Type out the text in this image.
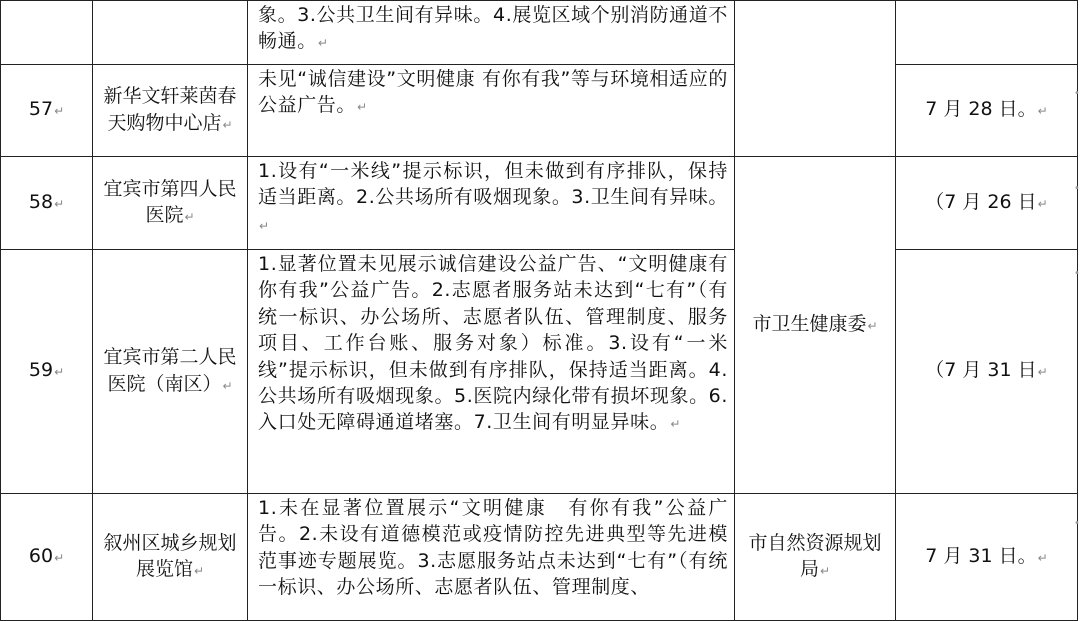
		象。3.公共卫生间有异味。4.展览区域个别消防通道不畅通。↵		
57↵	新华文轩莱茵春天购物中心店↵	未见“诚信建设”文明健康 有你有我”等与环境相适应的公益广告。↵		7 月 28 日。↵
58↵	宜宾市第四人民医院↵	1.设有“一米线”提示标识，但未做到有序排队，保持适当距离。2.公共场所有吸烟现象。3.卫生间有异味。↵	市卫生健康委↵	（7 月 26 日↵
59↵	宜宾市第二人民医院（南区）↵	1.显著位置未见展示诚信建设公益广告、“文明健康有你有我”公益广告。2.志愿者服务站未达到“七有”（有统一标识、办公场所、志愿者队伍、管理制度、服务项目、工作台账、服务对象）标准。3.设有“一米线”提示标识，但未做到有序排队，保持适当距离。4.公共场所有吸烟现象。5.医院内绿化带有损坏现象。6.入口处无障碍通道堵塞。7.卫生间有明显异味。↵		（7 月 31 日↵
60↵	叙州区城乡规划展览馆↵	1.未在显著位置展示“文明健康　有你有我”公益广告。2.未设有道德模范或疫情防控先进典型等先进模范事迹专题展览。3.志愿服务站点未达到“七有”（有统一标识、办公场所、志愿者队伍、管理制度、	市自然资源规划局↵	7 月 31 日。↵
•
•
•
•
